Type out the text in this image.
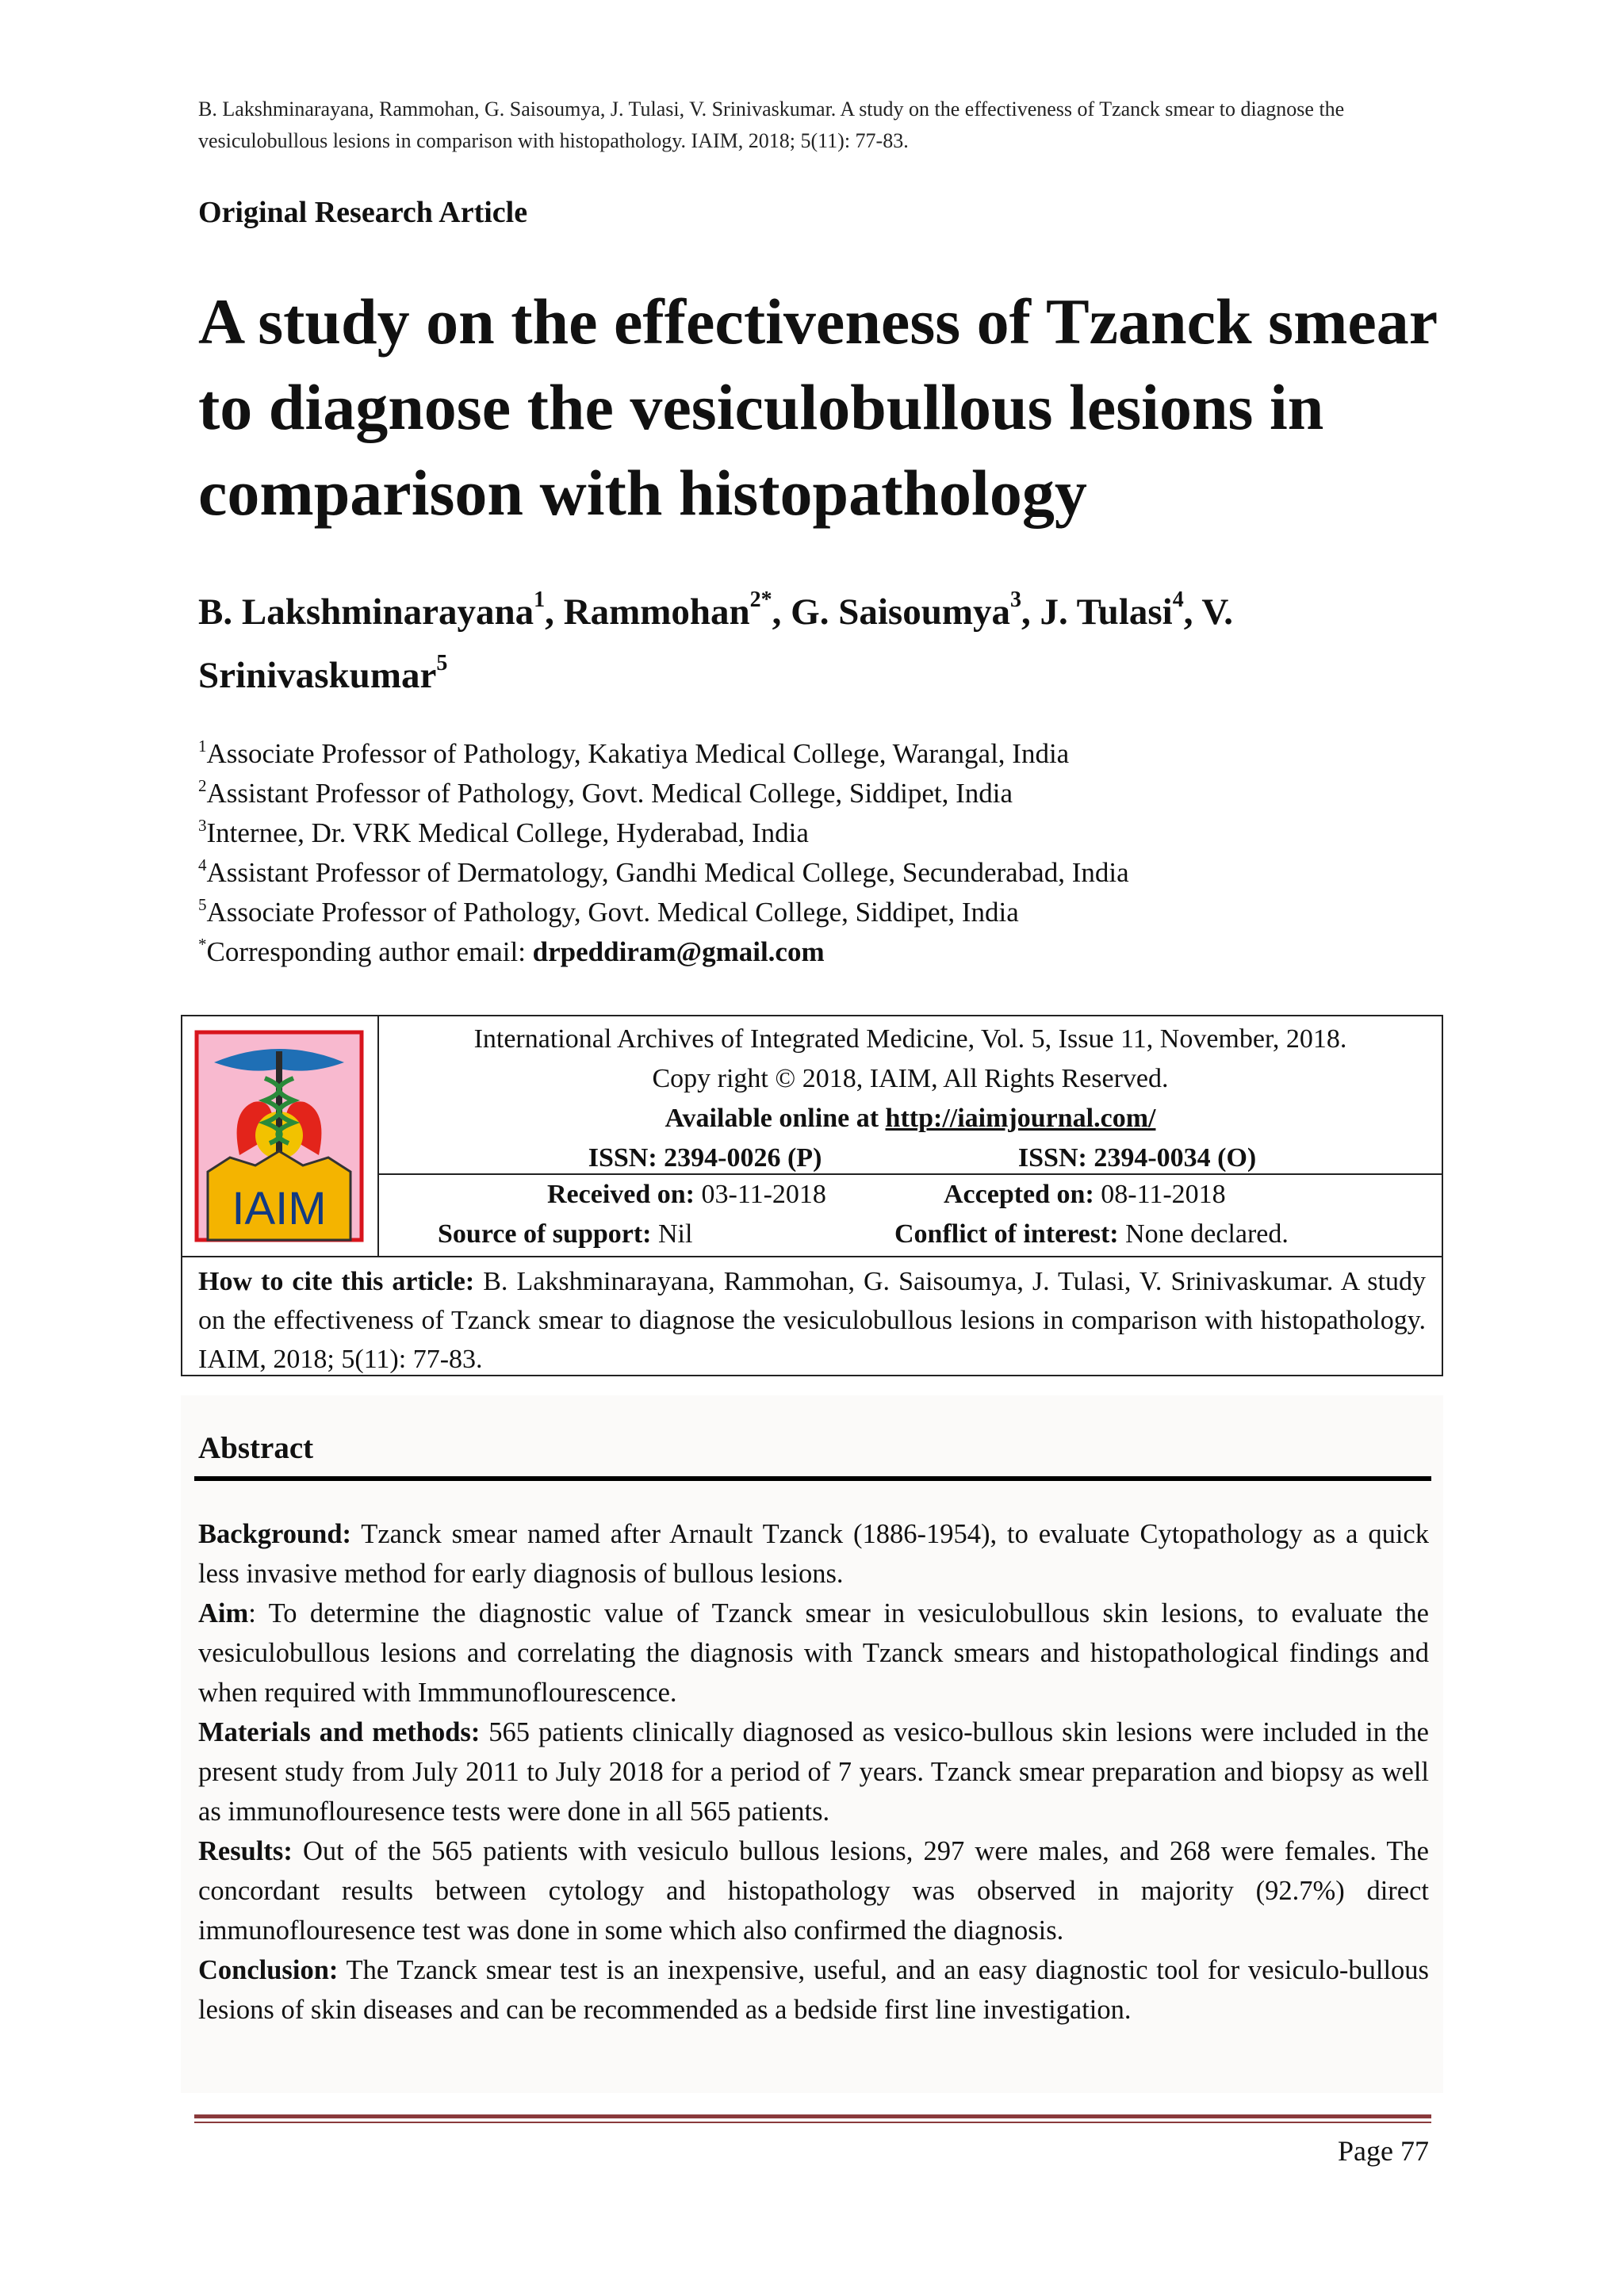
B. Lakshminarayana, Rammohan, G. Saisoumya, J. Tulasi, V. Srinivaskumar. A study on the effectiveness of Tzanck smear to diagnose the vesiculobullous lesions in comparison with histopathology. IAIM, 2018; 5(11): 77-83.
Original Research Article
A study on the effectiveness of Tzanck smear to diagnose the vesiculobullous lesions in comparison with histopathology
B. Lakshminarayana$^1$, Rammohan$^{2*}$, G. Saisoumya$^3$, J. Tulasi$^4$, V. Srinivaskumar$^5$
$^1$Associate Professor of Pathology, Kakatiya Medical College, Warangal, India
$^2$Assistant Professor of Pathology, Govt. Medical College, Siddipet, India
$^3$Internee, Dr. VRK Medical College, Hyderabad, India
$^4$Assistant Professor of Dermatology, Gandhi Medical College, Secunderabad, India
$^5$Associate Professor of Pathology, Govt. Medical College, Siddipet, India
*Corresponding author email: drpeddiram@gmail.com
IAIM
International Archives of Integrated Medicine, Vol. 5, Issue 11, November, 2018.
Copy right © 2018, IAIM, All Rights Reserved.
Available online at http://iaimjournal.com/
ISSN: 2394-0026 (P)	ISSN: 2394-0034 (O)
Received on: 03-11-2018	Accepted on: 08-11-2018
Source of support: Nil	Conflict of interest: None declared.
How to cite this article: B. Lakshminarayana, Rammohan, G. Saisoumya, J. Tulasi, V. Srinivaskumar. A study on the effectiveness of Tzanck smear to diagnose the vesiculobullous lesions in comparison with histopathology. IAIM, 2018; 5(11): 77-83.
Abstract

Background: Tzanck smear named after Arnault Tzanck (1886-1954), to evaluate Cytopathology as a quick less invasive method for early diagnosis of bullous lesions.

Aim: To determine the diagnostic value of Tzanck smear in vesiculobullous skin lesions, to evaluate the vesiculobullous lesions and correlating the diagnosis with Tzanck smears and histopathological findings and when required with Immmunoflourescence.

Materials and methods: 565 patients clinically diagnosed as vesico-bullous skin lesions were included in the present study from July 2011 to July 2018 for a period of 7 years. Tzanck smear preparation and biopsy as well as immunoflouresence tests were done in all 565 patients.

Results: Out of the 565 patients with vesiculo bullous lesions, 297 were males, and 268 were females. The concordant results between cytology and histopathology was observed in majority (92.7%) direct immunoflouresence test was done in some which also confirmed the diagnosis.

Conclusion: The Tzanck smear test is an inexpensive, useful, and an easy diagnostic tool for vesiculo-bullous lesions of skin diseases and can be recommended as a bedside first line investigation.

Page 77
